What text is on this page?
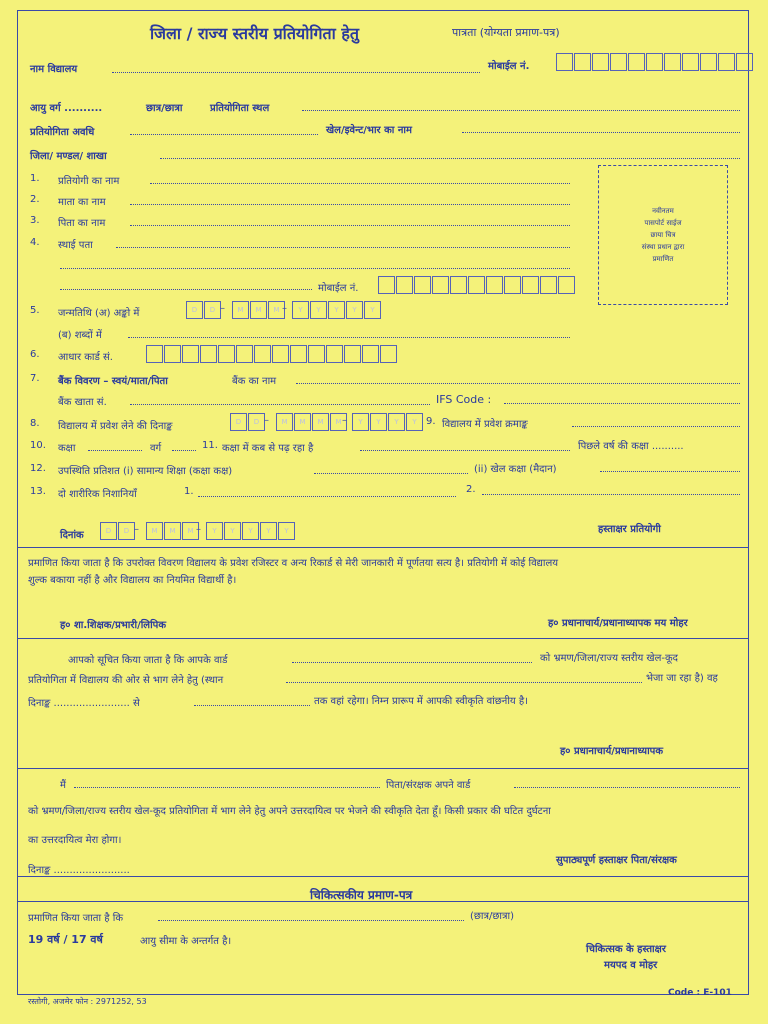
जिला / राज्य स्तरीय प्रतियोगिता हेतु	पात्रता (योग्यता प्रमाण-पत्र)
नाम विद्यालय	मोबाईल नं.
आयु वर्ग ..........	छात्र/छात्रा	प्रतियोगिता स्थल
प्रतियोगिता अवधि	खेल/इवेन्ट/भार का नाम
जिला/ मण्डल/ शाखा
1. प्रतियोगी का नाम
2. माता का नाम
3. पिता का नाम
4. स्थाई पता
मोबाईल नं.
नवीनतम
पासपोर्ट साईज
छाया चित्र
संस्था प्रधान द्वारा
प्रमाणित
5. जन्मतिथि (अ) अङ्को में	D	D –	M	M	M –	Y	Y	Y	Y	Y
(ब) शब्दों में
6. आधार कार्ड सं.
7. बैंक विवरण – स्वयं/माता/पिता	बैंक का नाम
बैंक खाता सं.	IFS Code :
8. विद्यालय में प्रवेश लेने की दिनाङ्क	D	D –	M	M	M	M –	Y	Y	Y	Y 9. विद्यालय में प्रवेश क्रमाङ्क
10. कक्षा	वर्ग	11. कक्षा में कब से पढ़ रहा है	पिछले वर्ष की कक्षा ..........
12. उपस्थिति प्रतिशत (i) सामान्य शिक्षा (कक्षा कक्ष)	(ii) खेल कक्षा (मैदान)
13. दो शारीरिक निशानियाँ	1.	2.
दिनांक	D	D –	M	M	M –	Y	Y	Y	Y	Y	हस्ताक्षर प्रतियोगी
प्रमाणित किया जाता है कि उपरोक्त विवरण विद्यालय के प्रवेश रजिस्टर व अन्य रिकार्ड से मेरी जानकारी में पूर्णतया सत्य है। प्रतियोगी में कोई विद्यालय
शुल्क बकाया नहीं है और विद्यालय का नियमित विद्यार्थी है।
ह० शा.शिक्षक/प्रभारी/लिपिक	ह० प्रधानाचार्य/प्रधानाध्यापक मय मोहर
आपको सूचित किया जाता है कि आपके वार्ड	को भ्रमण/जिला/राज्य स्तरीय खेल-कूद
प्रतियोगिता में विद्यालय की ओर से भाग लेने हेतु (स्थान	भेजा जा रहा है) वह
दिनाङ्क ........................ से	तक वहां रहेगा। निम्न प्रारूप में आपकी स्वीकृति वांछनीय है।
ह० प्रधानाचार्य/प्रधानाध्यापक
मैं	पिता/संरक्षक अपने वार्ड
को भ्रमण/जिला/राज्य स्तरीय खेल-कूद प्रतियोगिता में भाग लेने हेतु अपने उत्तरदायित्व पर भेजने की स्वीकृति देता हूँ। किसी प्रकार की घटित दुर्घटना
का उत्तरदायित्व मेरा होगा।
दिनाङ्क ........................
सुपाठ्यपूर्ण हस्ताक्षर पिता/संरक्षक
चिकित्सकीय प्रमाण-पत्र
प्रमाणित किया जाता है कि	(छात्र/छात्रा)
19 वर्ष / 17 वर्ष	आयु सीमा के अन्तर्गत है।
चिकित्सक के हस्ताक्षर
मयपद व मोहर
Code : E-101
रस्तोगी, अजमेर फोन : 2971252, 53
